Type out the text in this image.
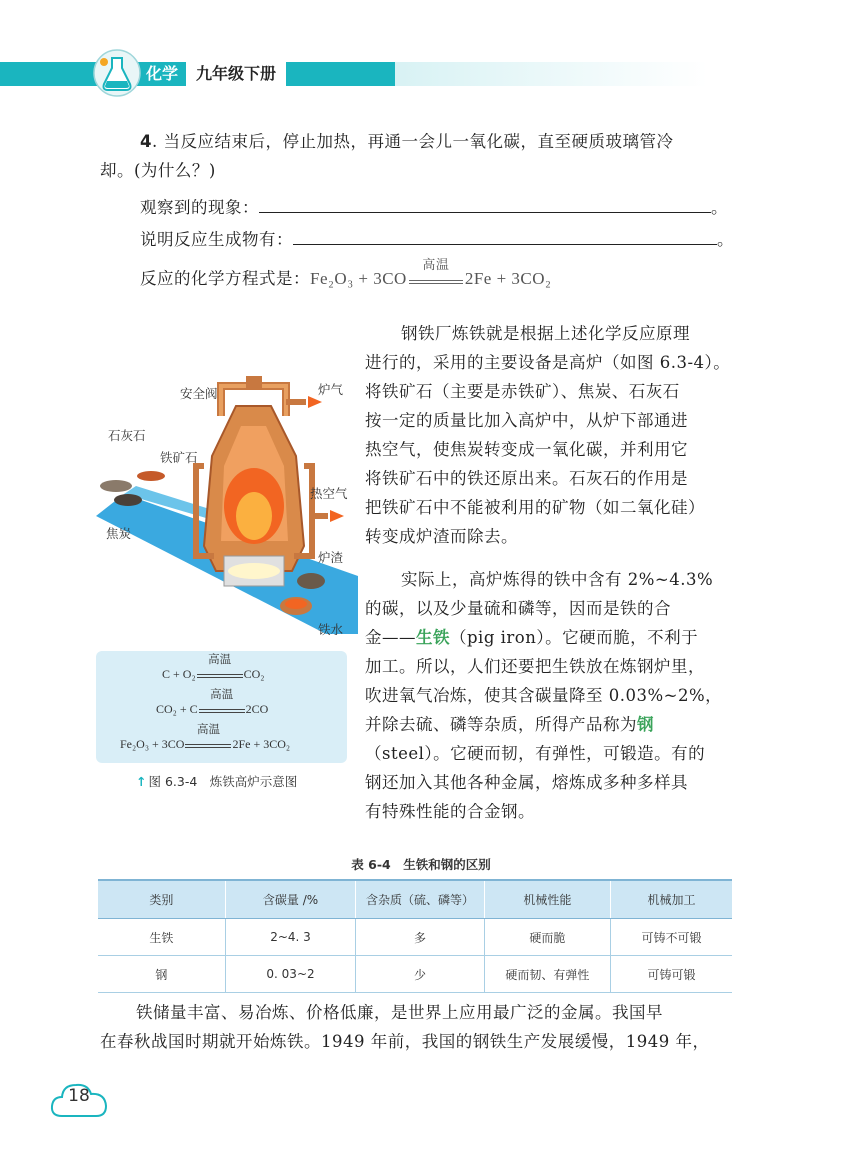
化学	九年级下册
4. 当反应结束后，停止加热，再通一会儿一氧化碳，直至硬质玻璃管冷
却。(为什么？)
观察到的现象：	。
说明反应生成物有：	。
反应的化学方程式是：Fe₂O₃ + 3CO
高温
2Fe + 3CO₂
钢铁厂炼铁就是根据上述化学反应原理
进行的，采用的主要设备是高炉（如图 6.3-4）。
将铁矿石（主要是赤铁矿）、焦炭、石灰石
按一定的质量比加入高炉中，从炉下部通进
热空气，使焦炭转变成一氧化碳，并利用它
将铁矿石中的铁还原出来。石灰石的作用是
把铁矿石中不能被利用的矿物（如二氧化硅）
转变成炉渣而除去。
实际上，高炉炼得的铁中含有 2%~4.3%
的碳，以及少量硫和磷等，因而是铁的合
金——生铁（pig iron）。它硬而脆，不利于
加工。所以，人们还要把生铁放在炼钢炉里，
吹进氧气冶炼，使其含碳量降至 0.03%~2%，
并除去硫、磷等杂质，所得产品称为钢
（steel）。它硬而韧，有弹性，可锻造。有的
钢还加入其他各种金属，熔炼成多种多样具
有特殊性能的合金钢。
安全阀	炉气
石灰石
铁矿石
热空气
焦炭
炉渣
铁水
C + O₂
高温
CO₂
CO₂ + C
高温
2CO
Fe₂O₃ + 3CO
高温
2Fe + 3CO₂
↑ 图 6.3-4　炼铁高炉示意图
表 6-4　生铁和钢的区别
类别	含碳量 /%	含杂质（硫、磷等）	机械性能	机械加工
生铁	2~4. 3	多	硬而脆	可铸不可锻
钢	0. 03~2	少	硬而韧、有弹性	可铸可锻
铁储量丰富、易冶炼、价格低廉，是世界上应用最广泛的金属。我国早
在春秋战国时期就开始炼铁。1949 年前，我国的钢铁生产发展缓慢，1949 年，
18
